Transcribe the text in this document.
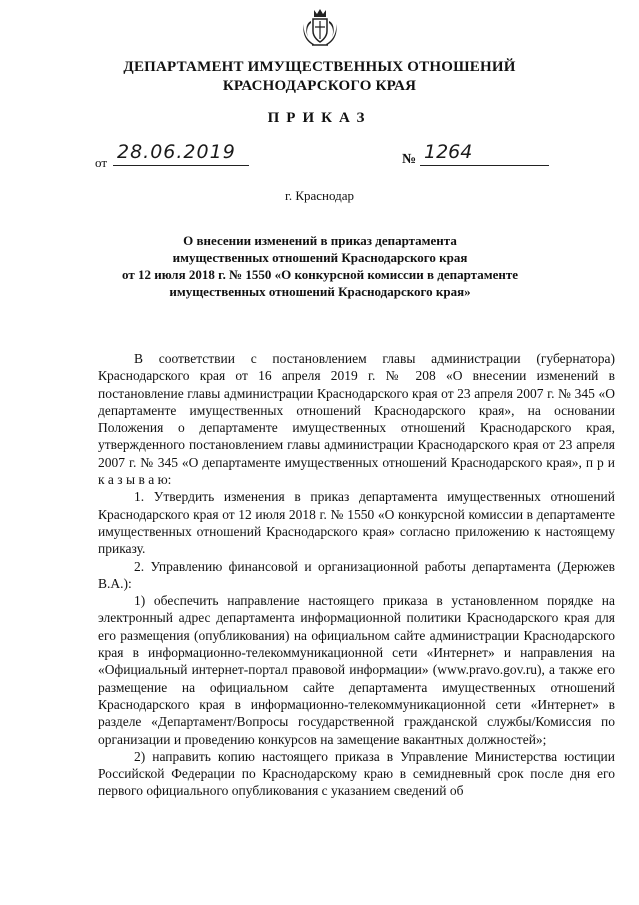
ДЕПАРТАМЕНТ ИМУЩЕСТВЕННЫХ ОТНОШЕНИЙ
КРАСНОДАРСКОГО КРАЯ
ПРИКАЗ
от 28.06.2019	№ 1264
г. Краснодар
О внесении изменений в приказ департамента
имущественных отношений Краснодарского края
от 12 июля 2018 г. № 1550 «О конкурсной комиссии в департаменте
имущественных отношений Краснодарского края»

В соответствии с постановлением главы администрации (губернатора) Краснодарского края от 16 апреля 2019 г. № 208 «О внесении изменений в постановление главы администрации Краснодарского края от 23 апреля 2007 г. № 345 «О департаменте имущественных отношений Краснодарского края», на основании Положения о департаменте имущественных отношений Краснодарского края, утвержденного постановлением главы администрации Краснодарского края от 23 апреля 2007 г. № 345 «О департаменте имущественных отношений Краснодарского края», п р и к а з ы в а ю:

1. Утвердить изменения в приказ департамента имущественных отношений Краснодарского края от 12 июля 2018 г. № 1550 «О конкурсной комиссии в департаменте имущественных отношений Краснодарского края» согласно приложению к настоящему приказу.

2. Управлению финансовой и организационной работы департамента (Дерюжев В.А.):

1) обеспечить направление настоящего приказа в установленном порядке на электронный адрес департамента информационной политики Краснодарского края для его размещения (опубликования) на официальном сайте администрации Краснодарского края в информационно-телекоммуникационной сети «Интернет» и направления на «Официальный интернет-портал правовой информации» (www.pravo.gov.ru), а также его размещение на официальном сайте департамента имущественных отношений Краснодарского края в информационно-телекоммуникационной сети «Интернет» в разделе «Департамент/Вопросы государственной гражданской службы/Комиссия по организации и проведению конкурсов на замещение вакантных должностей»;

2) направить копию настоящего приказа в Управление Министерства юстиции Российской Федерации по Краснодарскому краю в семидневный срок после дня его первого официального опубликования с указанием сведений об
